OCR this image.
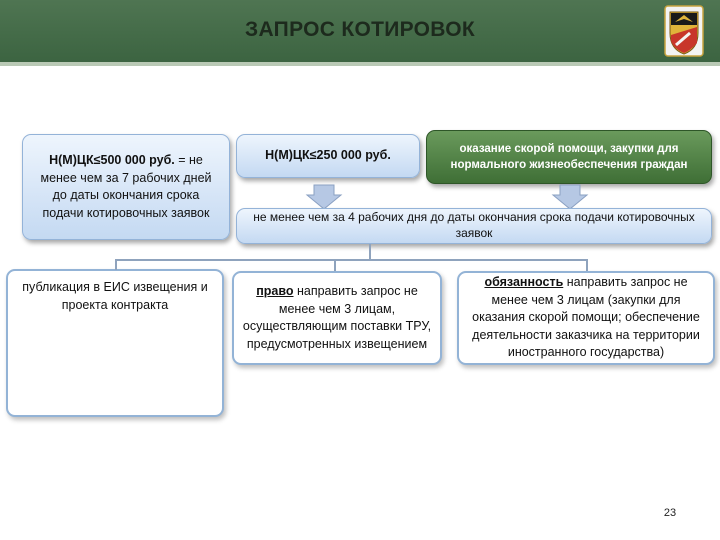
ЗАПРОС КОТИРОВОК
Н(М)ЦК≤500 000 руб. = не менее чем за 7 рабочих дней до даты окончания срока подачи котировочных заявок
публикация в ЕИС извещения и проекта контракта
Н(М)ЦК≤250 000 руб.	оказание скорой помощи, закупки для нормального жизнеобеспечения граждан
не менее чем за 4 рабочих дня до даты окончания срока подачи котировочных заявок
право направить запрос не менее чем 3 лицам, осуществляющим поставки ТРУ, предусмотренных извещением
обязанность направить запрос не менее чем 3 лицам (закупки для оказания скорой помощи; обеспечение деятельности заказчика на территории иностранного государства)
23
